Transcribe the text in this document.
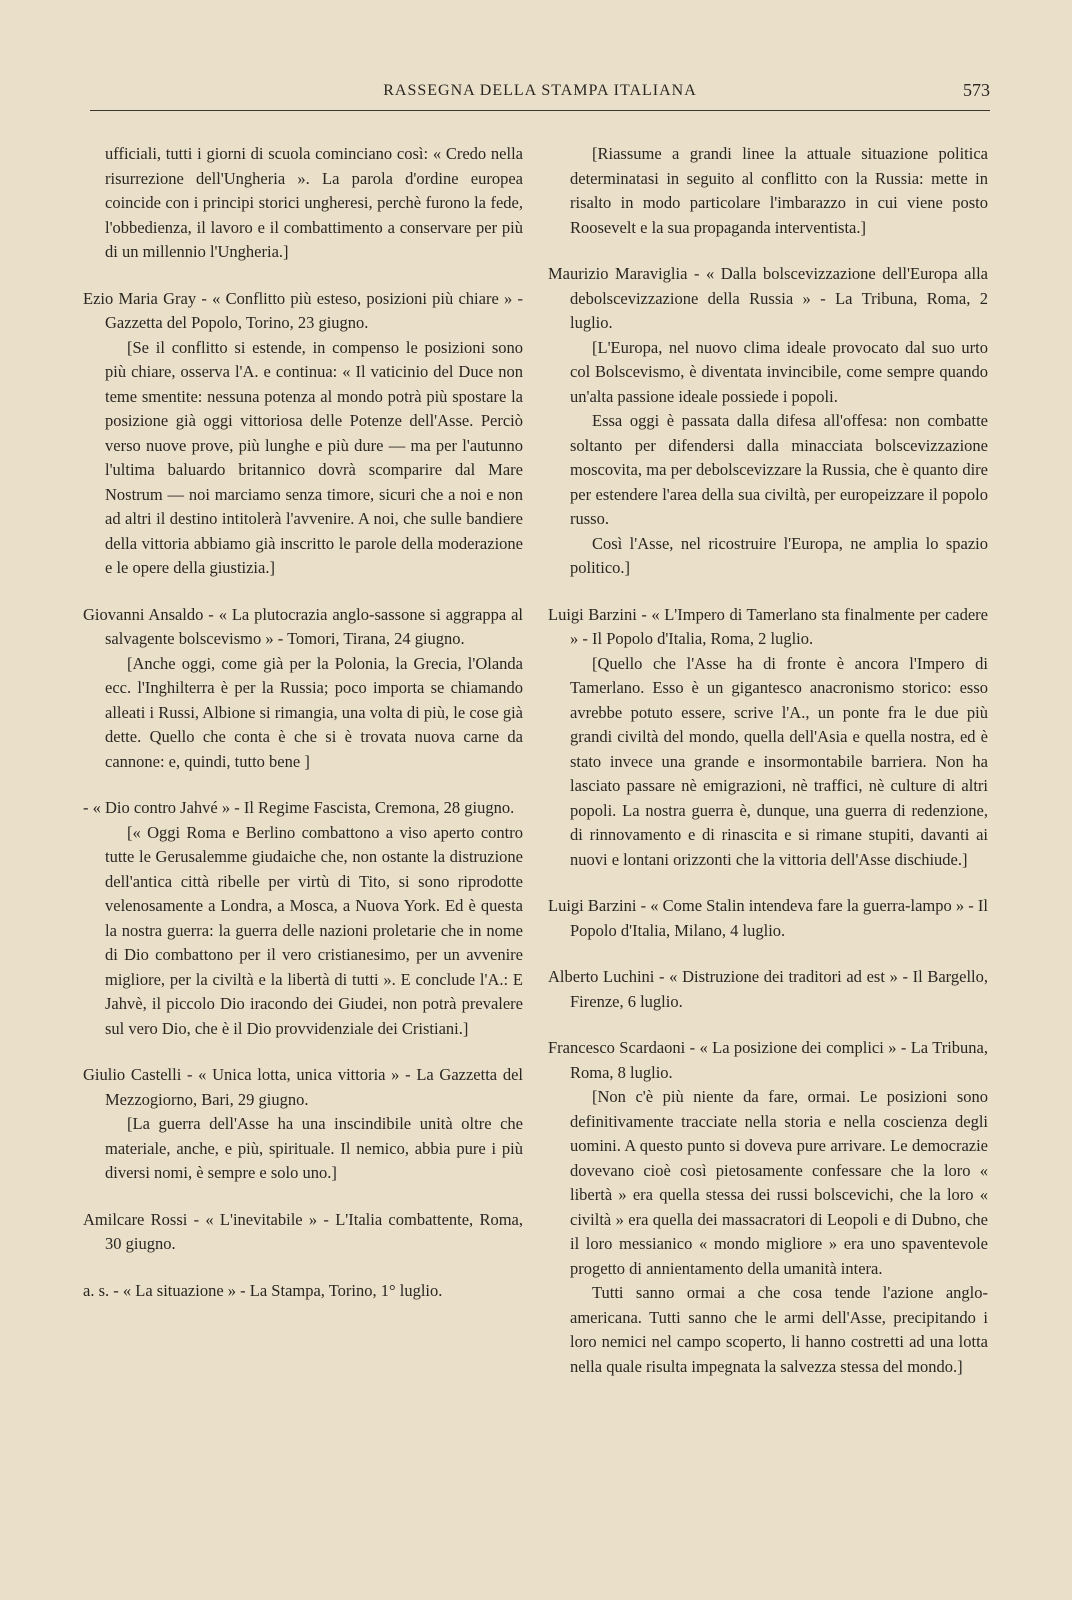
RASSEGNA DELLA STAMPA ITALIANA	573

ufficiali, tutti i giorni di scuola cominciano così: « Credo nella risurrezione dell'Ungheria ». La parola d'ordine europea coincide con i principi storici ungheresi, perchè furono la fede, l'obbedienza, il lavoro e il combattimento a conservare per più di un millennio l'Ungheria.]

Ezio Maria Gray - « Conflitto più esteso, posizioni più chiare » - Gazzetta del Popolo, Torino, 23 giugno.

[Se il conflitto si estende, in compenso le posizioni sono più chiare, osserva l'A. e continua: « Il vaticinio del Duce non teme smentite: nessuna potenza al mondo potrà più spostare la posizione già oggi vittoriosa delle Potenze dell'Asse. Perciò verso nuove prove, più lunghe e più dure — ma per l'autunno l'ultima baluardo britannico dovrà scomparire dal Mare Nostrum — noi marciamo senza timore, sicuri che a noi e non ad altri il destino intitolerà l'avvenire. A noi, che sulle bandiere della vittoria abbiamo già inscritto le parole della moderazione e le opere della giustizia.]

Giovanni Ansaldo - « La plutocrazia anglo-sassone si aggrappa al salvagente bolscevismo » - Tomori, Tirana, 24 giugno.

[Anche oggi, come già per la Polonia, la Grecia, l'Olanda ecc. l'Inghilterra è per la Russia; poco importa se chiamando alleati i Russi, Albione si rimangia, una volta di più, le cose già dette. Quello che conta è che si è trovata nuova carne da cannone: e, quindi, tutto bene ]

- « Dio contro Jahvé » - Il Regime Fascista, Cremona, 28 giugno.

[« Oggi Roma e Berlino combattono a viso aperto contro tutte le Gerusalemme giudaiche che, non ostante la distruzione dell'antica città ribelle per virtù di Tito, si sono riprodotte velenosamente a Londra, a Mosca, a Nuova York. Ed è questa la nostra guerra: la guerra delle nazioni proletarie che in nome di Dio combattono per il vero cristianesimo, per un avvenire migliore, per la civiltà e la libertà di tutti ». E conclude l'A.: E Jahvè, il piccolo Dio iracondo dei Giudei, non potrà prevalere sul vero Dio, che è il Dio provvidenziale dei Cristiani.]

Giulio Castelli - « Unica lotta, unica vittoria » - La Gazzetta del Mezzogiorno, Bari, 29 giugno.

[La guerra dell'Asse ha una inscindibile unità oltre che materiale, anche, e più, spirituale. Il nemico, abbia pure i più diversi nomi, è sempre e solo uno.]

Amilcare Rossi - « L'inevitabile » - L'Italia combattente, Roma, 30 giugno.

a. s. - « La situazione » - La Stampa, Torino, 1° luglio.

[Riassume a grandi linee la attuale situazione politica determinatasi in seguito al conflitto con la Russia: mette in risalto in modo particolare l'imbarazzo in cui viene posto Roosevelt e la sua propaganda interventista.]

Maurizio Maraviglia - « Dalla bolscevizzazione dell'Europa alla debolscevizzazione della Russia » - La Tribuna, Roma, 2 luglio.

[L'Europa, nel nuovo clima ideale provocato dal suo urto col Bolscevismo, è diventata invincibile, come sempre quando un'alta passione ideale possiede i popoli.

Essa oggi è passata dalla difesa all'offesa: non combatte soltanto per difendersi dalla minacciata bolscevizzazione moscovita, ma per debolscevizzare la Russia, che è quanto dire per estendere l'area della sua civiltà, per europeizzare il popolo russo.

Così l'Asse, nel ricostruire l'Europa, ne amplia lo spazio politico.]

Luigi Barzini - « L'Impero di Tamerlano sta finalmente per cadere » - Il Popolo d'Italia, Roma, 2 luglio.

[Quello che l'Asse ha di fronte è ancora l'Impero di Tamerlano. Esso è un gigantesco anacronismo storico: esso avrebbe potuto essere, scrive l'A., un ponte fra le due più grandi civiltà del mondo, quella dell'Asia e quella nostra, ed è stato invece una grande e insormontabile barriera. Non ha lasciato passare nè emigrazioni, nè traffici, nè culture di altri popoli. La nostra guerra è, dunque, una guerra di redenzione, di rinnovamento e di rinascita e si rimane stupiti, davanti ai nuovi e lontani orizzonti che la vittoria dell'Asse dischiude.]

Luigi Barzini - « Come Stalin intendeva fare la guerra-lampo » - Il Popolo d'Italia, Milano, 4 luglio.

Alberto Luchini - « Distruzione dei traditori ad est » - Il Bargello, Firenze, 6 luglio.

Francesco Scardaoni - « La posizione dei complici » - La Tribuna, Roma, 8 luglio.

[Non c'è più niente da fare, ormai. Le posizioni sono definitivamente tracciate nella storia e nella coscienza degli uomini. A questo punto si doveva pure arrivare. Le democrazie dovevano cioè così pietosamente confessare che la loro « libertà » era quella stessa dei russi bolscevichi, che la loro « civiltà » era quella dei massacratori di Leopoli e di Dubno, che il loro messianico « mondo migliore » era uno spaventevole progetto di annientamento della umanità intera.

Tutti sanno ormai a che cosa tende l'azione anglo-americana. Tutti sanno che le armi dell'Asse, precipitando i loro nemici nel campo scoperto, li hanno costretti ad una lotta nella quale risulta impegnata la salvezza stessa del mondo.]
